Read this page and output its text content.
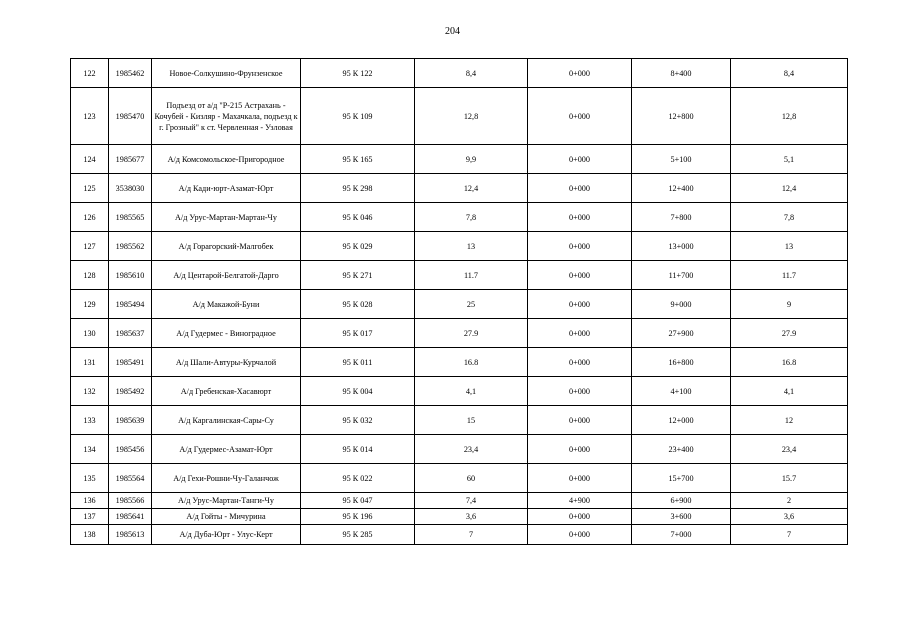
204
122	1985462	Новое-Солкушино-Фрунзенское	95 К 122	8,4	0+000	8+400	8,4
123	1985470	Подъезд от а/д "Р-215 Астрахань - Кочубей - Кизляр - Махачкала, подъезд к г. Грозный" к ст. Червленная - Узловая	95 К 109	12,8	0+000	12+800	12,8
124	1985677	А/д Комсомольское-Пригородное	95 К 165	9,9	0+000	5+100	5,1
125	3538030	А/д Кади-юрт-Азамат-Юрт	95 К 298	12,4	0+000	12+400	12,4
126	1985565	А/д Урус-Мартан-Мартан-Чу	95 К 046	7,8	0+000	7+800	7,8
127	1985562	А/д Горагорский-Малгобек	95 К 029	13	0+000	13+000	13
128	1985610	А/д Центарой-Белгатой-Дарго	95 К 271	11.7	0+000	11+700	11.7
129	1985494	А/д Макажой-Буни	95 К 028	25	0+000	9+000	9
130	1985637	А/д Гудермес - Виноградное	95 К 017	27.9	0+000	27+900	27.9
131	1985491	А/д Шали-Автуры-Курчалой	95 К 011	16.8	0+000	16+800	16.8
132	1985492	А/д Гребенская-Хасавюрт	95 К 004	4,1	0+000	4+100	4,1
133	1985639	А/д Каргалинская-Сары-Су	95 К 032	15	0+000	12+000	12
134	1985456	А/д Гудермес-Азамат-Юрт	95 К 014	23,4	0+000	23+400	23,4
135	1985564	А/д Гехи-Рошни-Чу-Галанчож	95 К 022	60	0+000	15+700	15.7
136	1985566	А/д Урус-Мартан-Танги-Чу	95 К 047	7,4	4+900	6+900	2
137	1985641	А/д Гойты - Мичурина	95 К 196	3,6	0+000	3+600	3,6
138	1985613	А/д Дуба-Юрт - Улус-Керт	95 К 285	7	0+000	7+000	7
